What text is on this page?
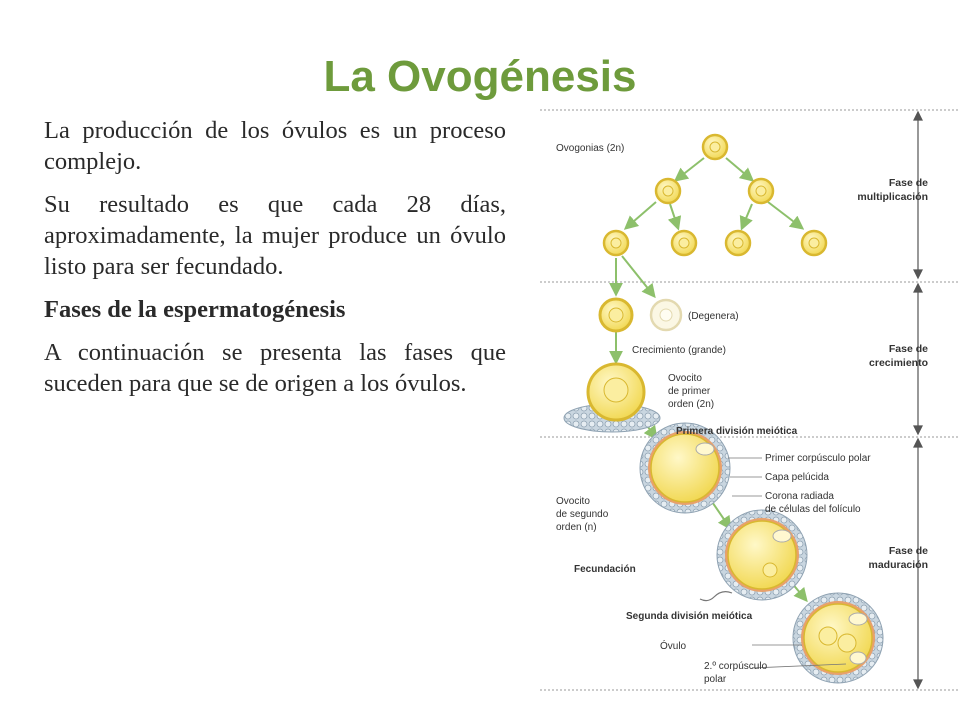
La Ovogénesis

La producción de los óvulos es un proceso complejo.

Su resultado es que cada 28 días, aproximadamente, la mujer produce un óvulo listo para ser fecundado.

Fases de la espermatogénesis

A continuación se presenta las fases que suceden para que se de origen a los óvulos.

Fase de
multiplicación
Fase de
crecimiento
Fase de
maduración
Ovogonias (2n)
(Degenera)
Crecimiento (grande)
Ovocito
de primer
orden (2n)
Primera división meiótica
Primer corpúsculo polar
Capa pelúcida
Corona radiada
de células del folículo
Ovocito
de segundo
orden (n)
Fecundación
Segunda división meiótica
Óvulo
2.º corpúsculo
polar
